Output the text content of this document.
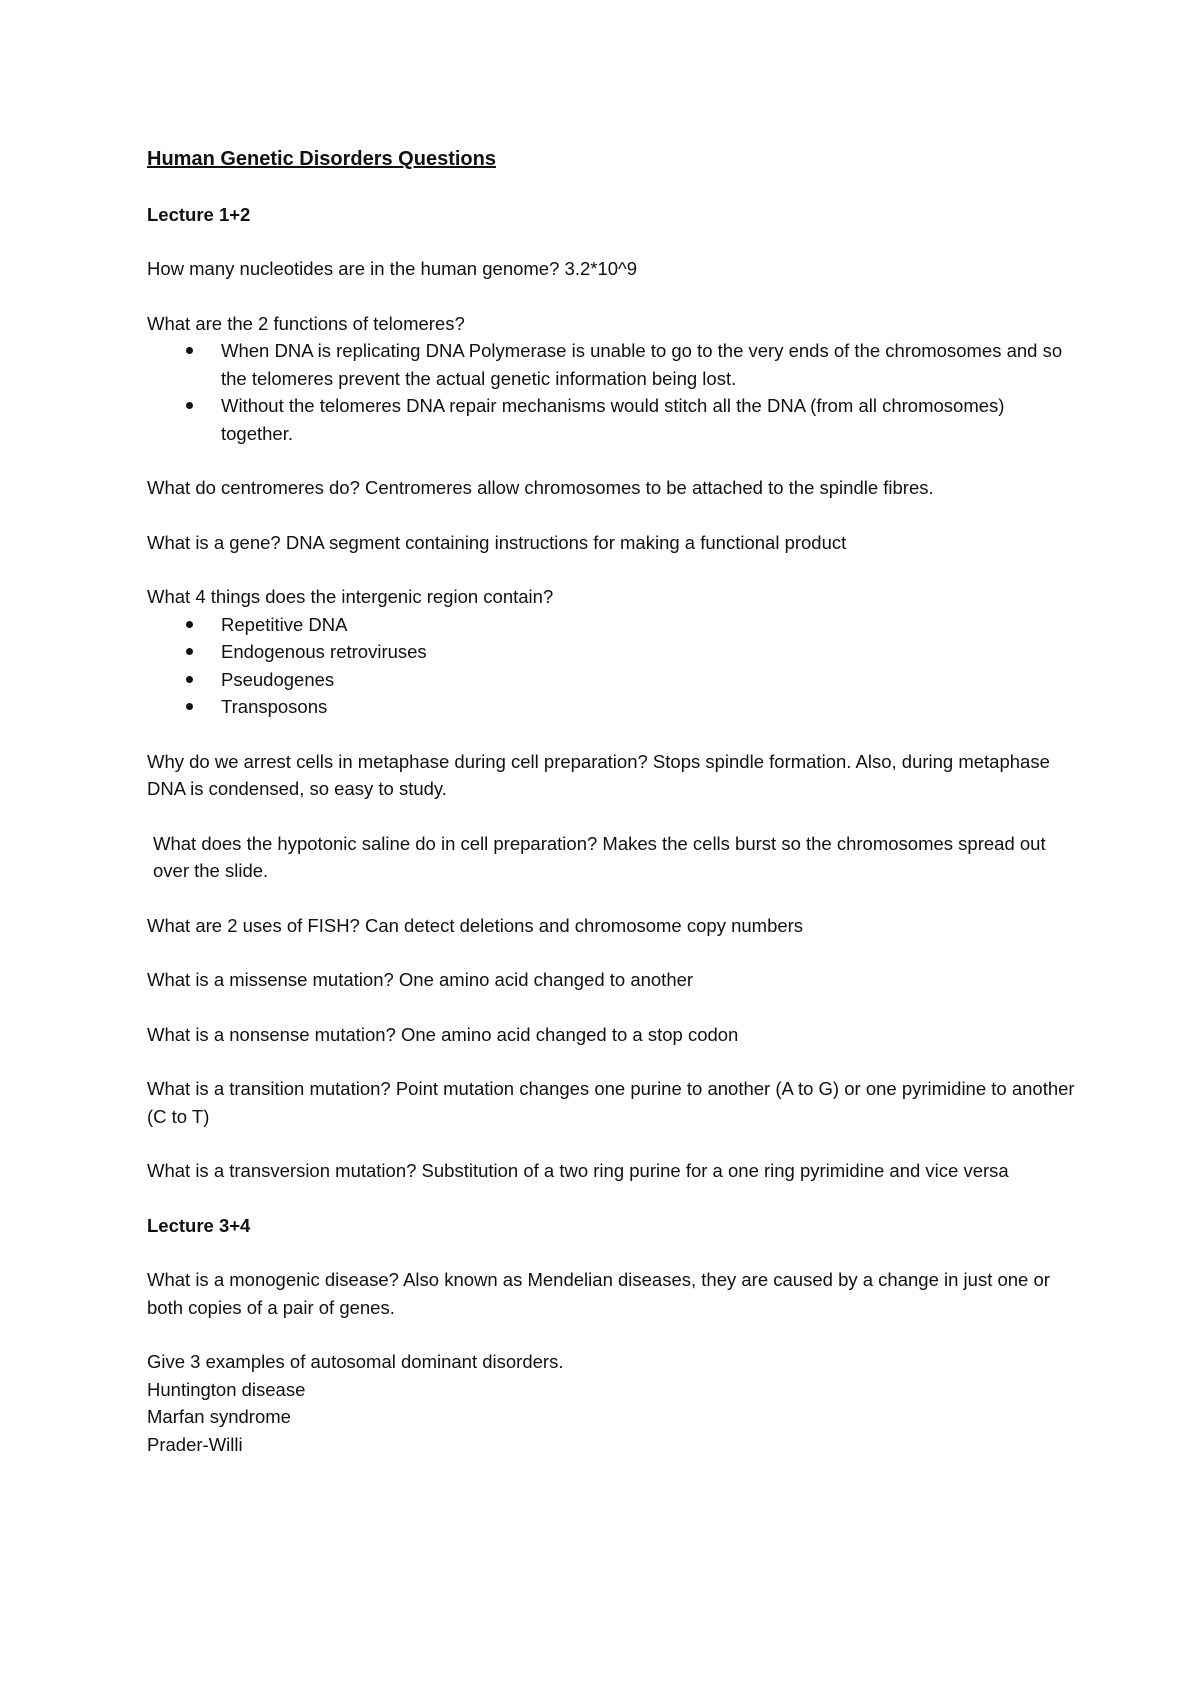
Human Genetic Disorders Questions
Lecture 1+2
How many nucleotides are in the human genome? 3.2*10^9
What are the 2 functions of telomeres?
When DNA is replicating DNA Polymerase is unable to go to the very ends of the chromosomes and so the telomeres prevent the actual genetic information being lost.
Without the telomeres DNA repair mechanisms would stitch all the DNA (from all chromosomes) together.
What do centromeres do? Centromeres allow chromosomes to be attached to the spindle fibres.
What is a gene? DNA segment containing instructions for making a functional product
What 4 things does the intergenic region contain?
Repetitive DNA
Endogenous retroviruses
Pseudogenes
Transposons
Why do we arrest cells in metaphase during cell preparation? Stops spindle formation. Also, during metaphase DNA is condensed, so easy to study.
What does the hypotonic saline do in cell preparation? Makes the cells burst so the chromosomes spread out over the slide.
What are 2 uses of FISH? Can detect deletions and chromosome copy numbers
What is a missense mutation? One amino acid changed to another
What is a nonsense mutation? One amino acid changed to a stop codon
What is a transition mutation? Point mutation changes one purine to another (A to G) or one pyrimidine to another (C to T)
What is a transversion mutation? Substitution of a two ring purine for a one ring pyrimidine and vice versa
Lecture 3+4
What is a monogenic disease? Also known as Mendelian diseases, they are caused by a change in just one or both copies of a pair of genes.
Give 3 examples of autosomal dominant disorders.
Huntington disease
Marfan syndrome
Prader-Willi
